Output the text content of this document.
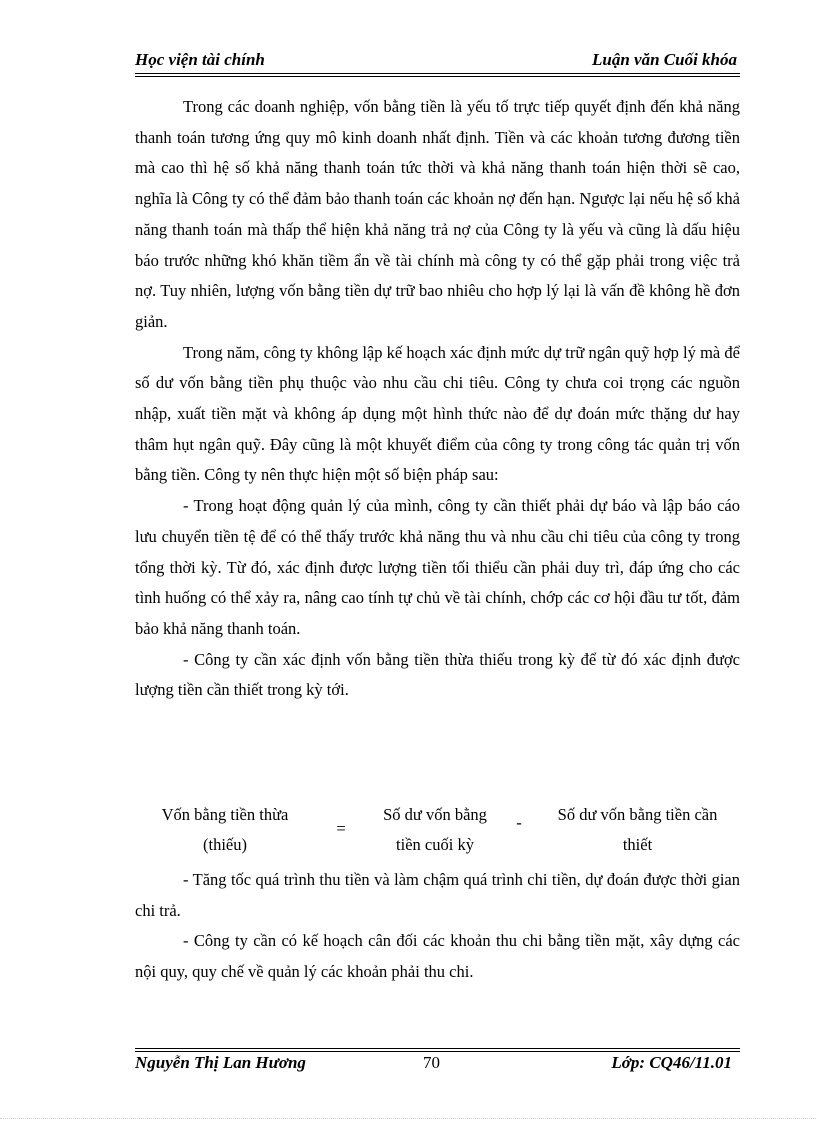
Học viện tài chính	Luận văn Cuối khóa

Trong các doanh nghiệp, vốn bằng tiền là yếu tố trực tiếp quyết định đến khả năng thanh toán tương ứng quy mô kinh doanh nhất định. Tiền và các khoản tương đương tiền mà cao thì hệ số khả năng thanh toán tức thời và khả năng thanh toán hiện thời sẽ cao, nghĩa là Công ty có thể đảm bảo thanh toán các khoản nợ đến hạn. Ngược lại nếu hệ số khả năng thanh toán mà thấp thể hiện khả năng trả nợ của Công ty là yếu và cũng là dấu hiệu báo trước những khó khăn tiềm ẩn về tài chính mà công ty có thể gặp phải trong việc trả nợ. Tuy nhiên, lượng vốn bằng tiền dự trữ bao nhiêu cho hợp lý lại là vấn đề không hề đơn giản.

Trong năm, công ty không lập kế hoạch xác định mức dự trữ ngân quỹ hợp lý mà để số dư vốn bằng tiền phụ thuộc vào nhu cầu chi tiêu. Công ty chưa coi trọng các nguồn nhập, xuất tiền mặt và không áp dụng một hình thức nào để dự đoán mức thặng dư hay thâm hụt ngân quỹ. Đây cũng là một khuyết điểm của công ty trong công tác quản trị vốn bằng tiền. Công ty nên thực hiện một số biện pháp sau:

- Trong hoạt động quản lý của mình, công ty cần thiết phải dự báo và lập báo cáo lưu chuyển tiền tệ để có thể thấy trước khả năng thu và nhu cầu chi tiêu của công ty trong tổng thời kỳ. Từ đó, xác định được lượng tiền tối thiểu cần phải duy trì, đáp ứng cho các tình huống có thể xảy ra, nâng cao tính tự chủ về tài chính, chớp các cơ hội đầu tư tốt, đảm bảo khả năng thanh toán.

- Công ty cần xác định vốn bằng tiền thừa thiếu trong kỳ để từ đó xác định được lượng tiền cần thiết trong kỳ tới.

Vốn bằng tiền thừa
(thiếu)
=
Số dư vốn bằng
tiền cuối kỳ
-	Số dư vốn bằng tiền cần
thiết

- Tăng tốc quá trình thu tiền và làm chậm quá trình chi tiền, dự đoán được thời gian chi trả.

- Công ty cần có kế hoạch cân đối các khoản thu chi bằng tiền mặt, xây dựng các nội quy, quy chế về quản lý các khoản phải thu chi.

Nguyễn Thị Lan Hương	70	Lớp: CQ46/11.01
